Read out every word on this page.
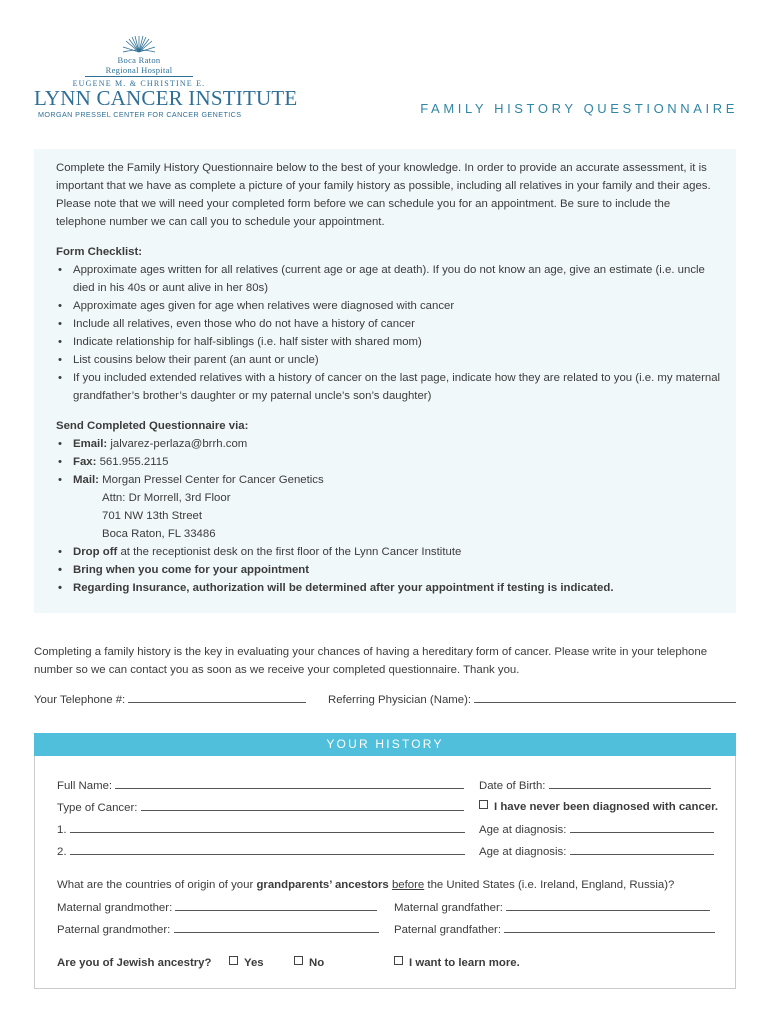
Boca Raton
Regional Hospital
EUGENE M. & CHRISTINE E.
LYNN CANCER INSTITUTE
MORGAN PRESSEL CENTER FOR CANCER GENETICS	FAMILY HISTORY QUESTIONNAIRE
Complete the Family History Questionnaire below to the best of your knowledge. In order to provide an accurate assessment, it is important that we have as complete a picture of your family history as possible, including all relatives in your family and their ages. Please note that we will need your completed form before we can schedule you for an appointment. Be sure to include the telephone number we can call you to schedule your appointment.
Form Checklist:
• Approximate ages written for all relatives (current age or age at death). If you do not know an age, give an estimate (i.e. uncle died in his 40s or aunt alive in her 80s)
• Approximate ages given for age when relatives were diagnosed with cancer
• Include all relatives, even those who do not have a history of cancer
• Indicate relationship for half-siblings (i.e. half sister with shared mom)
• List cousins below their parent (an aunt or uncle)
• If you included extended relatives with a history of cancer on the last page, indicate how they are related to you (i.e. my maternal grandfather’s brother’s daughter or my paternal uncle’s son’s daughter)
Send Completed Questionnaire via:
• Email: jalvarez-perlaza@brrh.com
• Fax: 561.955.2115
• Mail: Morgan Pressel Center for Cancer Genetics
Attn: Dr Morrell, 3rd Floor
701 NW 13th Street
Boca Raton, FL 33486
• Drop off at the receptionist desk on the first floor of the Lynn Cancer Institute
• Bring when you come for your appointment
• Regarding Insurance, authorization will be determined after your appointment if testing is indicated.
Completing a family history is the key in evaluating your chances of having a hereditary form of cancer. Please write in your telephone number so we can contact you as soon as we receive your completed questionnaire. Thank you.
Your Telephone #:	Referring Physician (Name):
YOUR HISTORY
Full Name:	Date of Birth:
Type of Cancer:	I have never been diagnosed with cancer.
1.	Age at diagnosis:
2.	Age at diagnosis:
What are the countries of origin of your grandparents’ ancestors before the United States (i.e. Ireland, England, Russia)?
Maternal grandmother:	Maternal grandfather:
Paternal grandmother:	Paternal grandfather:
Are you of Jewish ancestry?	Yes	No	I want to learn more.
